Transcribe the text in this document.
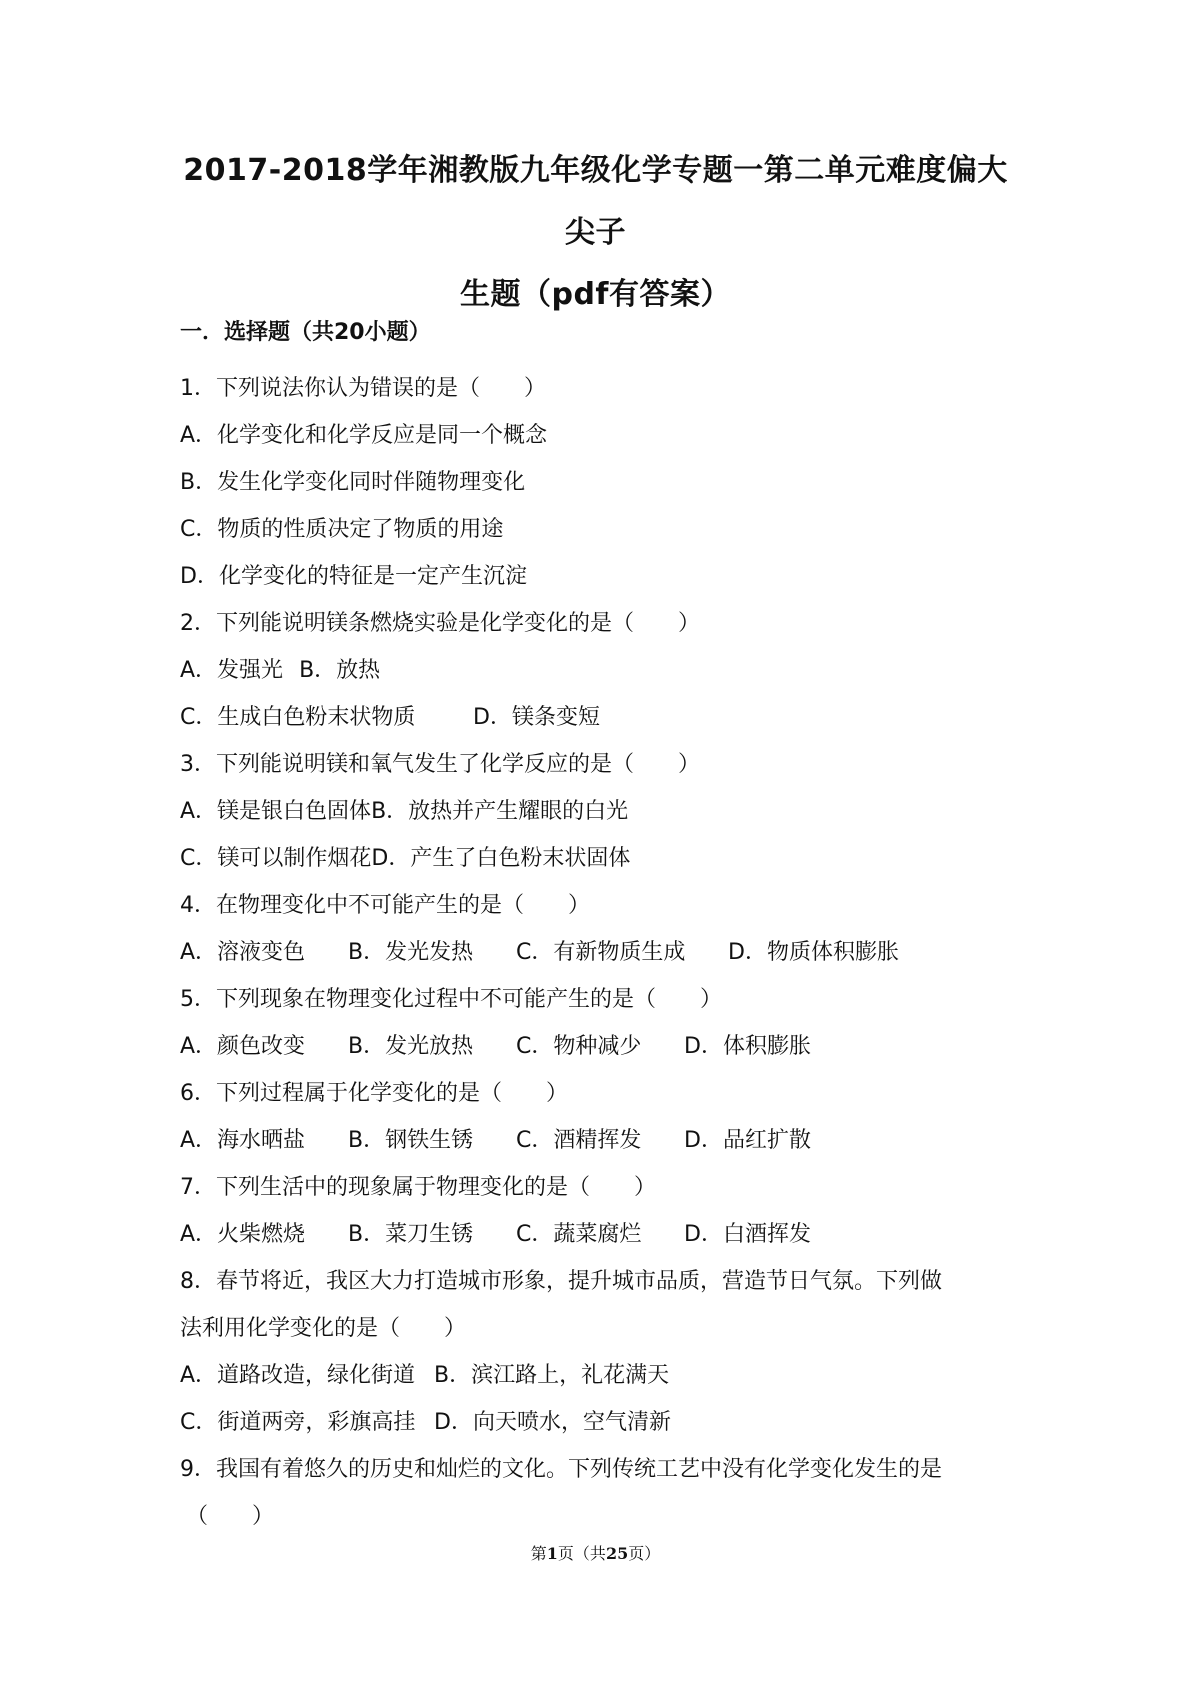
2017-2018学年湘教版九年级化学专题一第二单元难度偏大尖子
生题（pdf有答案）
一．选择题（共20小题）
1．下列说法你认为错误的是（　　）
A．化学变化和化学反应是同一个概念
B．发生化学变化同时伴随物理变化
C．物质的性质决定了物质的用途
D．化学变化的特征是一定产生沉淀
2．下列能说明镁条燃烧实验是化学变化的是（　　）
A．发强光 B．放热
C．生成白色粉末状物质	D．镁条变短
3．下列能说明镁和氧气发生了化学反应的是（　　）
A．镁是银白色固体B．放热并产生耀眼的白光
C．镁可以制作烟花D．产生了白色粉末状固体
4．在物理变化中不可能产生的是（　　）
A．溶液变色 B．发光发热 C．有新物质生成 D．物质体积膨胀
5．下列现象在物理变化过程中不可能产生的是（　　）
A．颜色改变 B．发光放热 C．物种减少 D．体积膨胀
6．下列过程属于化学变化的是（　　）
A．海水晒盐 B．钢铁生锈 C．酒精挥发 D．品红扩散
7．下列生活中的现象属于物理变化的是（　　）
A．火柴燃烧 B．菜刀生锈 C．蔬菜腐烂 D．白酒挥发
8．春节将近，我区大力打造城市形象，提升城市品质，营造节日气氛。下列做
法利用化学变化的是（　　）
A．道路改造，绿化街道 B．滨江路上，礼花满天
C．街道两旁，彩旗高挂 D．向天喷水，空气清新
9．我国有着悠久的历史和灿烂的文化。下列传统工艺中没有化学变化发生的是
（　　）
第1页（共25页）
